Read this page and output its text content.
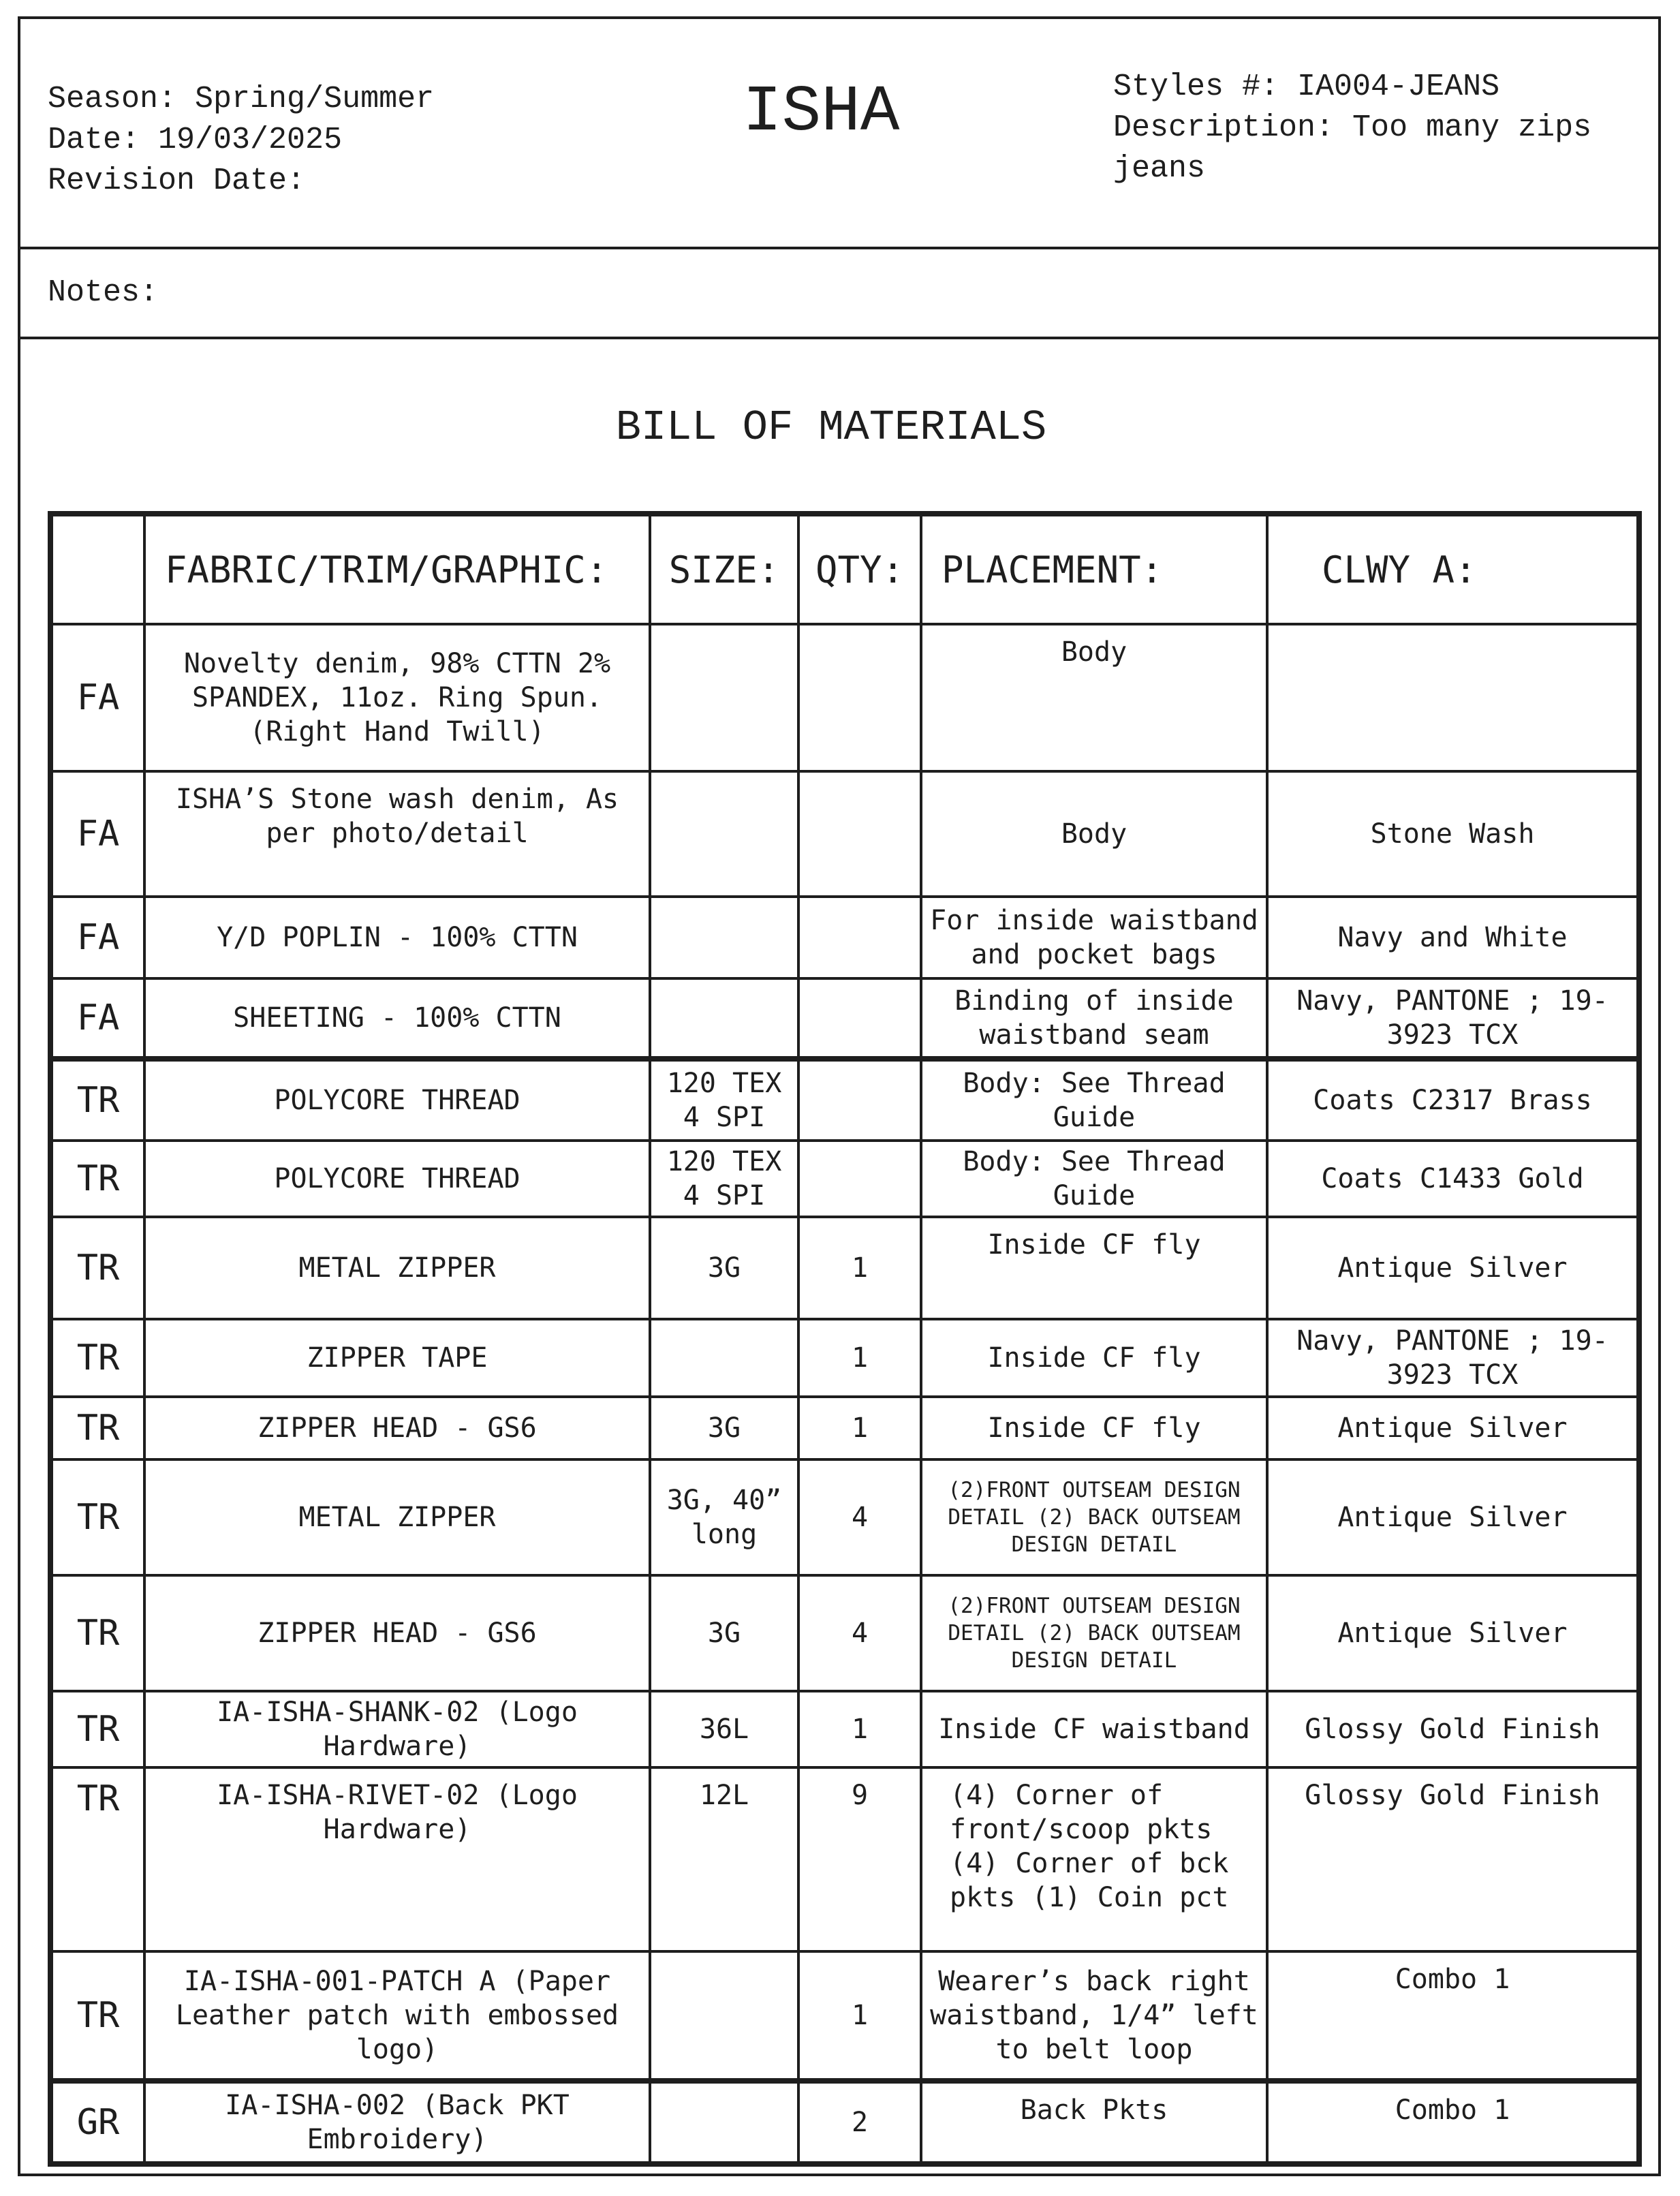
Season: Spring/Summer
Date: 19/03/2025
Revision Date:
ISHA	Styles #: IA004-JEANS
Description: Too many zips jeans
Notes:
BILL OF MATERIALS
	FABRIC/TRIM/GRAPHIC:	SIZE:	QTY:	PLACEMENT:	CLWY A:
FA	Novelty denim, 98% CTTN 2% SPANDEX, 11oz. Ring Spun. (Right Hand Twill)			Body	
FA	ISHA’S Stone wash denim, As per photo/detail			Body	Stone Wash
FA	Y/D POPLIN - 100% CTTN			For inside waistband and pocket bags	Navy and White
FA	SHEETING - 100% CTTN			Binding of inside waistband seam	Navy, PANTONE ; 19-3923 TCX
TR	POLYCORE THREAD	120 TEX 4 SPI		Body: See Thread Guide	Coats C2317 Brass
TR	POLYCORE THREAD	120 TEX 4 SPI		Body: See Thread Guide	Coats C1433 Gold
TR	METAL ZIPPER	3G	1	Inside CF fly	Antique Silver
TR	ZIPPER TAPE		1	Inside CF fly	Navy, PANTONE ; 19-3923 TCX
TR	ZIPPER HEAD - GS6	3G	1	Inside CF fly	Antique Silver
TR	METAL ZIPPER	3G, 40” long	4	(2)FRONT OUTSEAM DESIGN DETAIL (2) BACK OUTSEAM DESIGN DETAIL	Antique Silver
TR	ZIPPER HEAD - GS6	3G	4	(2)FRONT OUTSEAM DESIGN DETAIL (2) BACK OUTSEAM DESIGN DETAIL	Antique Silver
TR	IA-ISHA-SHANK-02 (Logo Hardware)	36L	1	Inside CF waistband	Glossy Gold Finish
TR	IA-ISHA-RIVET-02 (Logo Hardware)	12L	9	(4) Corner of front/scoop pkts (4) Corner of bck pkts (1) Coin pct	Glossy Gold Finish
TR	IA-ISHA-001-PATCH A (Paper Leather patch with embossed logo)		1	Wearer’s back right waistband, 1/4” left to belt loop	Combo 1
GR	IA-ISHA-002 (Back PKT Embroidery)		2	Back Pkts	Combo 1
